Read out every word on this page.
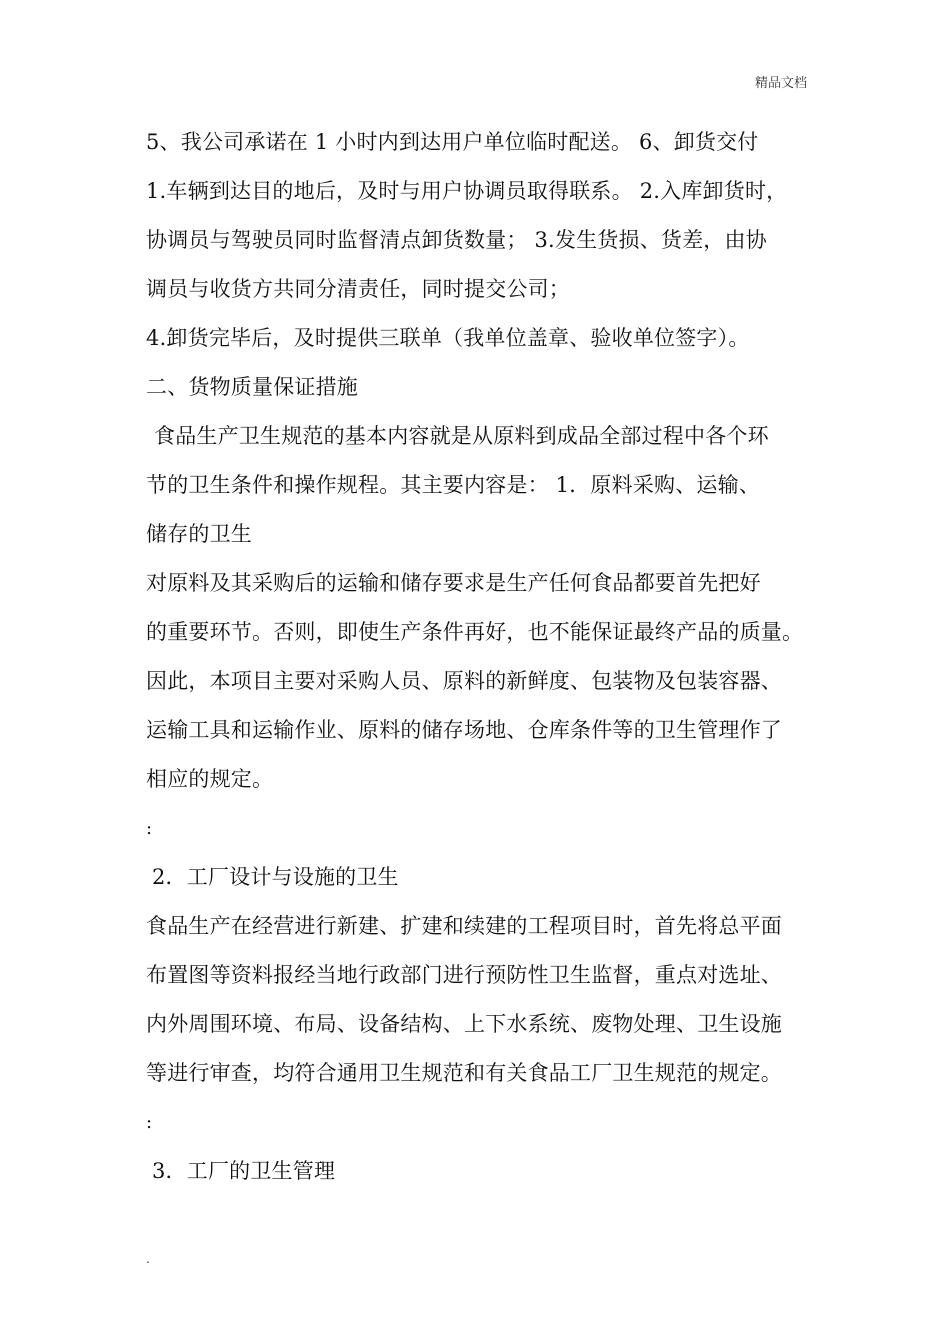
精品文档
5、我公司承诺在 1 小时内到达用户单位临时配送。 6、卸货交付
1.车辆到达目的地后，及时与用户协调员取得联系。 2.入库卸货时，
协调员与驾驶员同时监督清点卸货数量； 3.发生货损、货差，由协
调员与收货方共同分清责任，同时提交公司；
4.卸货完毕后，及时提供三联单（我单位盖章、验收单位签字）。
二、货物质量保证措施
食品生产卫生规范的基本内容就是从原料到成品全部过程中各个环
节的卫生条件和操作规程。其主要内容是： 1．原料采购、运输、
储存的卫生
对原料及其采购后的运输和储存要求是生产任何食品都要首先把好
的重要环节。否则，即使生产条件再好，也不能保证最终产品的质量。
因此，本项目主要对采购人员、原料的新鲜度、包装物及包装容器、
运输工具和运输作业、原料的储存场地、仓库条件等的卫生管理作了
相应的规定。
:
2．工厂设计与设施的卫生
食品生产在经营进行新建、扩建和续建的工程项目时，首先将总平面
布置图等资料报经当地行政部门进行预防性卫生监督，重点对选址、
内外周围环境、布局、设备结构、上下水系统、废物处理、卫生设施
等进行审查，均符合通用卫生规范和有关食品工厂卫生规范的规定。
:
3．工厂的卫生管理
.
